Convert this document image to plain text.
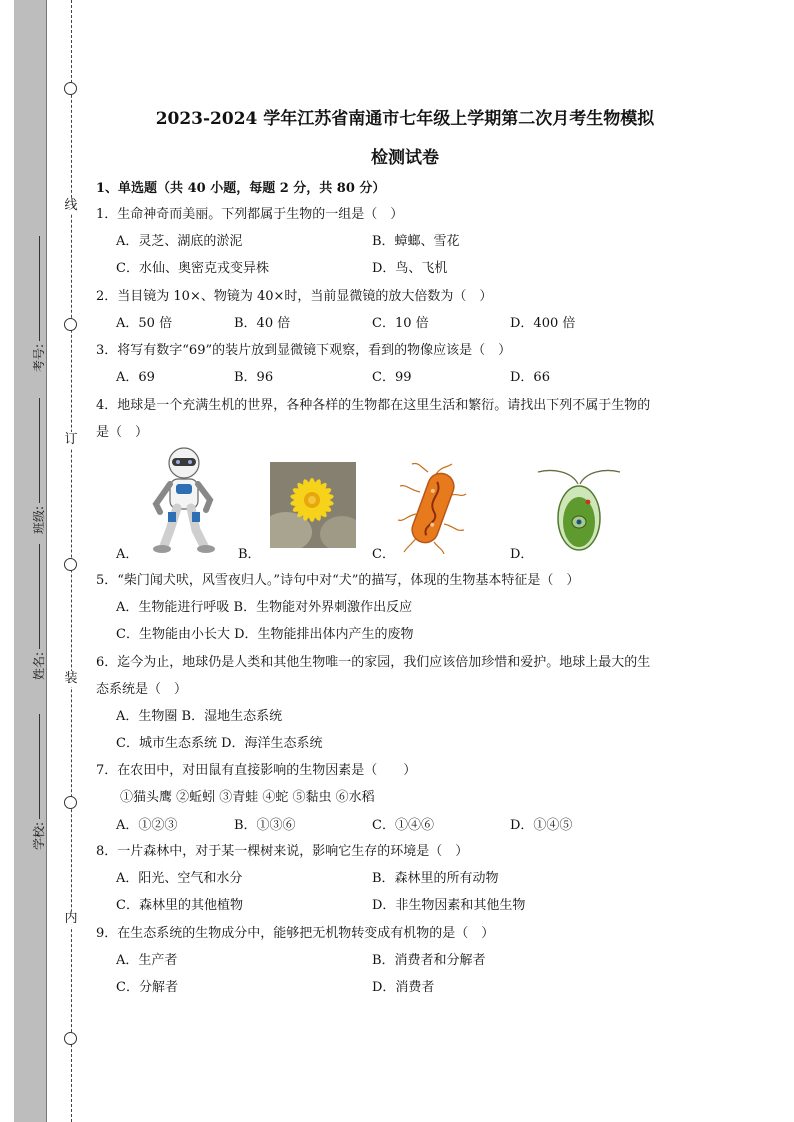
线
订
装
内
考号:
班级:
姓名:
学校:
2023-2024 学年江苏省南通市七年级上学期第二次月考生物模拟
检测试卷
1、单选题（共 40 小题，每题 2 分，共 80 分）
1．生命神奇而美丽。下列都属于生物的一组是（　）
A．灵芝、湖底的淤泥	B．蟑螂、雪花
C．水仙、奥密克戎变异株	D．鸟、飞机
2．当目镜为 10×、物镜为 40×时，当前显微镜的放大倍数为（　）
A．50 倍	B．40 倍	C．10 倍	D．400 倍
3．将写有数字“69”的装片放到显微镜下观察，看到的物像应该是（　）
A．69	B．96	C．99	D．66
4．地球是一个充满生机的世界，各种各样的生物都在这里生活和繁衍。请找出下列不属于生物的
是（　）
A．	B．	C．	D．
5．“柴门闻犬吠，风雪夜归人。”诗句中对“犬”的描写，体现的生物基本特征是（　）
A．生物能进行呼吸 B．生物能对外界刺激作出反应
C．生物能由小长大 D．生物能排出体内产生的废物
6．迄今为止，地球仍是人类和其他生物唯一的家园，我们应该倍加珍惜和爱护。地球上最大的生
态系统是（　）
A．生物圈 B．湿地生态系统
C．城市生态系统 D．海洋生态系统
7．在农田中，对田鼠有直接影响的生物因素是（　　）
①猫头鹰 ②蚯蚓 ③青蛙 ④蛇 ⑤黏虫 ⑥水稻
A．①②③	B．①③⑥	C．①④⑥	D．①④⑤
8．一片森林中，对于某一棵树来说，影响它生存的环境是（　）
A．阳光、空气和水分	B．森林里的所有动物
C．森林里的其他植物	D．非生物因素和其他生物
9．在生态系统的生物成分中，能够把无机物转变成有机物的是（　）
A．生产者	B．消费者和分解者
C．分解者	D．消费者
